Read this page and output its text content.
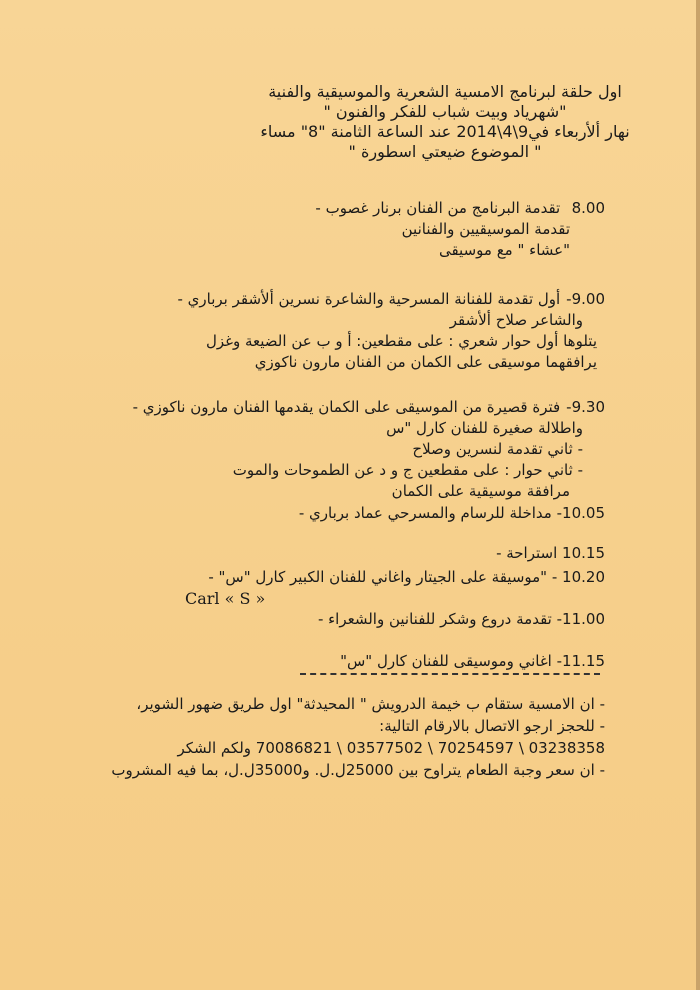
اول حلقة لبرنامج الامسية الشعرية والموسيقية والفنية
"شهرياد وبيت شباب للفكر والفنون "
نهار ألأربعاء في9\4\2014 عند الساعة الثامنة "8" مساء
" الموضوع ضيعتي اسطورة "
8.00 تقدمة البرنامج من الفنان برنار غصوب -
تقدمة الموسيقيين والفنانين
"عشاء " مع موسيقى
9.00- أول تقدمة للفنانة المسرحية والشاعرة نسرين ألأشقر برباري -
والشاعر صلاح ألأشقر
يتلوها أول حوار شعري : على مقطعين: أ و ب عن الضيعة وغزل
يرافقهما موسيقى على الكمان من الفنان مارون ناكوزي
9.30- فترة قصيرة من الموسيقى على الكمان يقدمها الفنان مارون ناكوزي -
واطلالة صغيرة للفنان كارل "س
- ثاني تقدمة لنسرين وصلاح
- ثاني حوار : على مقطعين ج و د عن الطموحات والموت
مرافقة موسيقية على الكمان
10.05- مداخلة للرسام والمسرحي عماد برباري -
10.15 استراحة -
10.20 - "موسيقة على الجيتار واغاني للفنان الكبير كارل "س" -
Carl « S »
11.00- تقدمة دروع وشكر للفنانين والشعراء -
11.15- اغاني وموسيقى للفنان كارل "س"
- ان الامسية ستقام ب خيمة الدرويش " المحيدثة" اول طريق ضهور الشوير،
- للحجز ارجو الاتصال بالارقام التالية:
03238358 \ 70254597 \ 03577502 \ 70086821 ولكم الشكر
- ان سعر وجبة الطعام يتراوح بين 25000ل.ل. و35000ل.ل، بما فيه المشروب
